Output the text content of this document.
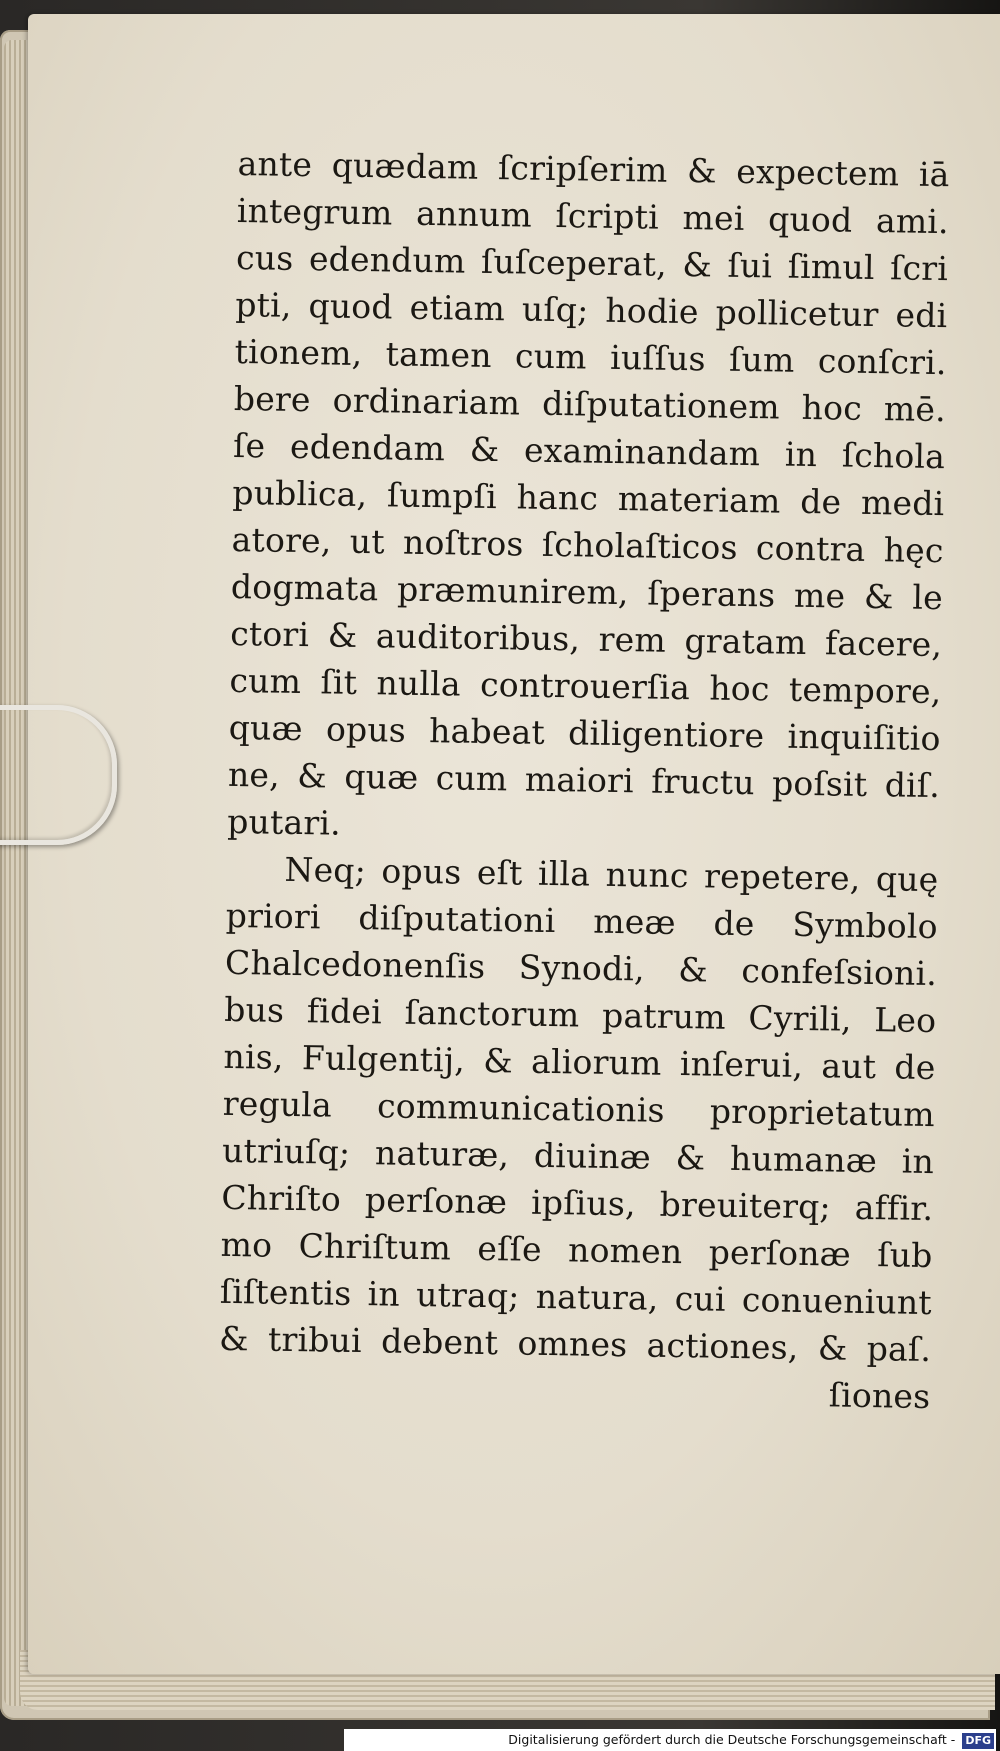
ante quædam ſcripſerim & expectem iā
integrum annum ſcripti mei quod ami.
cus edendum ſuſceperat, & ſui ſimul ſcri
pti, quod etiam uſq; hodie pollicetur edi
tionem, tamen cum iuſſus ſum conſcri.
bere ordinariam diſputationem hoc mē.
ſe edendam & examinandam in ſchola
publica, ſumpſi hanc materiam de medi
atore, ut noſtros ſcholaſticos contra hęc
dogmata præmunirem, ſperans me & le
ctori & auditoribus, rem gratam facere,
cum ſit nulla controuerſia hoc tempore,
quæ opus habeat diligentiore inquiſitio
ne, & quæ cum maiori fructu poſsit diſ.
putari.
Neq; opus eſt illa nunc repetere, quę
priori diſputationi meæ de Symbolo
Chalcedonenſis Synodi, & confeſsioni.
bus fidei ſanctorum patrum Cyrili, Leo
nis, Fulgentij, & aliorum inſerui, aut de
regula communicationis proprietatum
utriuſq; naturæ, diuinæ & humanæ in
Chriſto perſonæ ipſius, breuiterq; affir.
mo Chriſtum eſſe nomen perſonæ ſub
ſiſtentis in utraq; natura, cui conueniunt
& tribui debent omnes actiones, & paſ.
ſiones
Digitalisierung gefördert durch die Deutsche Forschungsgemeinschaft - DFG
